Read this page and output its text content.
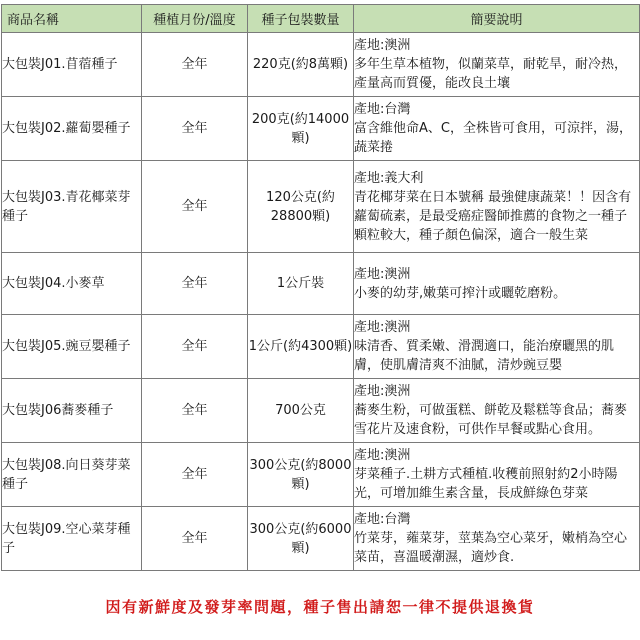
商品名稱	種植月份/溫度	種子包裝數量	簡要說明
大包裝J01.苜蓿種子	全年	220克(約8萬顆)	產地:澳洲
多年生草本植物，似蘭菜草，耐乾旱，耐冷热，產量高而質優，能改良土壤

大包裝J02.蘿蔔嬰種子	全年	200克(約14000顆)	產地:台灣
富含維他命A、C，全株皆可食用，可涼拌，湯，蔬菜捲

大包裝J03.青花椰菜芽種子	全年	120公克(約28800顆)	產地:義大利
青花椰芽菜在日本號稱 最強健康蔬菜！！因含有蘿蔔硫素，是最受癌症醫師推薦的食物之一種子顆粒較大，種子顏色偏深，適合一般生菜

大包裝J04.小麥草	全年	1公斤裝	產地:澳洲
小麥的幼芽,嫩葉可搾汁或曬乾磨粉。

大包裝J05.豌豆嬰種子	全年	1公斤(約4300顆)	產地:澳洲
味清香、質柔嫩、滑潤適口，能治療曬黑的肌膚，使肌膚清爽不油膩，清炒豌豆嬰

大包裝J06蕎麥種子	全年	700公克	產地:澳洲
蕎麥生粉，可做蛋糕、餅乾及鬆糕等食品；蕎麥雪花片及速食粉，可供作早餐或點心食用。

大包裝J08.向日葵芽菜種子	全年	300公克(約8000顆)	產地:澳洲
芽菜種子.土耕方式種植.收穫前照射約2小時陽光，可增加維生素含量，長成鮮綠色芽菜

大包裝J09.空心菜芽種子	全年	300公克(約6000顆)	產地:台灣
竹菜芽，蕹菜芽，莖葉為空心菜牙，嫩梢為空心菜苗，喜溫暖潮濕，適炒食.
因有新鮮度及發芽率問題，種子售出請恕一律不提供退換貨
